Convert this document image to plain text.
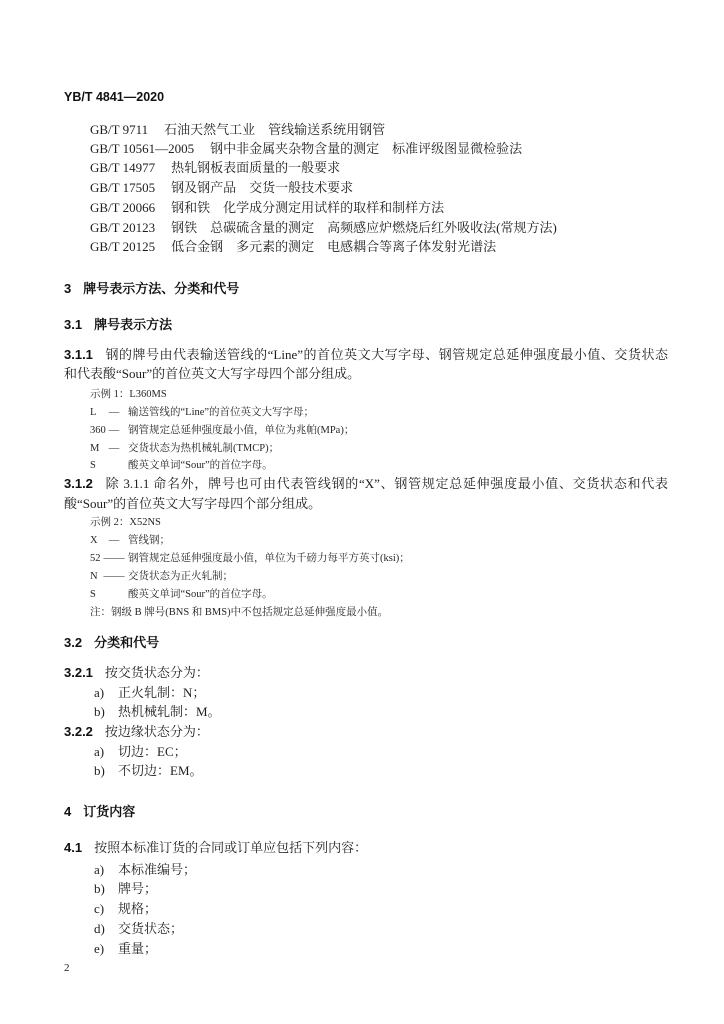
YB/T 4841—2020
GB/T 9711 石油天然气工业　管线输送系统用钢管
GB/T 10561—2005 钢中非金属夹杂物含量的测定　标准评级图显微检验法
GB/T 14977 热轧钢板表面质量的一般要求
GB/T 17505 钢及钢产品　交货一般技术要求
GB/T 20066 钢和铁　化学成分测定用试样的取样和制样方法
GB/T 20123 钢铁　总碳硫含量的测定　高频感应炉燃烧后红外吸收法(常规方法)
GB/T 20125 低合金钢　多元素的测定　电感耦合等离子体发射光谱法
3 牌号表示方法、分类和代号
3.1 牌号表示方法
3.1.1 钢的牌号由代表输送管线的“Line”的首位英文大写字母、钢管规定总延伸强度最小值、交货状态
和代表酸“Sour”的首位英文大写字母四个部分组成。
示例 1：L360MS
L	— 输送管线的“Line”的首位英文大写字母；
360 — 钢管规定总延伸强度最小值，单位为兆帕(MPa)；
M — 交货状态为热机械轧制(TMCP)；
S	酸英文单词“Sour”的首位字母。
3.1.2 除 3.1.1 命名外，牌号也可由代表管线钢的“X”、钢管规定总延伸强度最小值、交货状态和代表
酸“Sour”的首位英文大写字母四个部分组成。
示例 2：X52NS
X	— 管线钢；
52 —— 钢管规定总延伸强度最小值，单位为千磅力每平方英寸(ksi)；
N —— 交货状态为正火轧制；
S	酸英文单词“Sour”的首位字母。
注：钢级 B 牌号(BNS 和 BMS)中不包括规定总延伸强度最小值。
3.2 分类和代号
3.2.1 按交货状态分为：
a) 正火轧制：N；
b) 热机械轧制：M。
3.2.2 按边缘状态分为：
a) 切边：EC；
b) 不切边：EM。
4 订货内容
4.1 按照本标准订货的合同或订单应包括下列内容：
a) 本标准编号；
b) 牌号；
c) 规格；
d) 交货状态；
e) 重量；
2
